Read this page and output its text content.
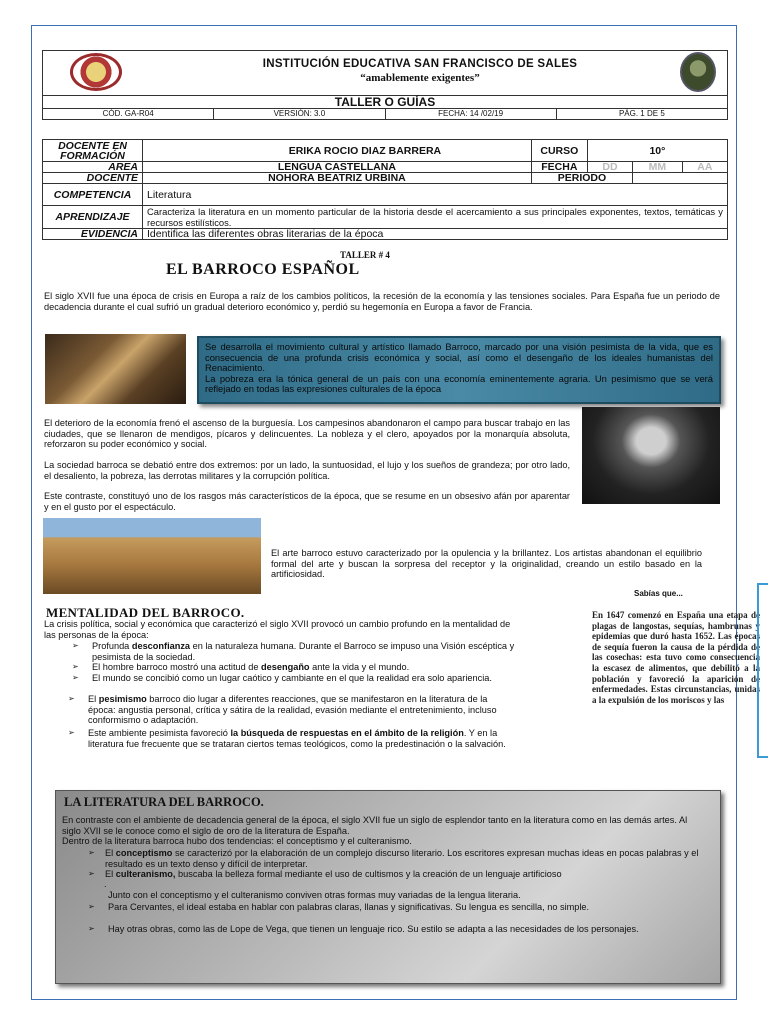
INSTITUCIÓN EDUCATIVA SAN FRANCISCO DE SALES
“amablemente exigentes”
TALLER O GUÍAS
CÓD. GA-R04	VERSIÓN: 3.0	FECHA: 14 /02/19	PÁG. 1 DE 5
DOCENTE EN FORMACIÓN	ERIKA ROCIO DIAZ BARRERA	CURSO	10°		
AREA	LENGUA CASTELLANA	FECHA	DD	MM	AA
DOCENTE	NOHORA BEATRIZ URBINA	PERIODO			
COMPETENCIA	Literatura				
APRENDIZAJE	Caracteriza la literatura en un momento particular de la historia desde el acercamiento a sus principales exponentes, textos, temáticas y recursos estilísticos.				
EVIDENCIA	Identifica las diferentes obras literarias de la época				
TALLER # 4
EL BARROCO ESPAÑOL
El siglo XVII fue una época de crisis en Europa a raíz de los cambios políticos, la recesión de la economía y las tensiones sociales. Para España fue un periodo de decadencia durante el cual sufrió un gradual deterioro económico y, perdió su hegemonía en Europa a favor de Francia.
Se desarrolla el movimiento cultural y artístico llamado Barroco, marcado por una visión pesimista de la vida, que es consecuencia de una profunda crisis económica y social, así como el desengaño de los ideales humanistas del Renacimiento.
La pobreza era la tónica general de un país con una economía eminentemente agraria. Un pesimismo que se verá reflejado en todas las expresiones culturales de la época
El deterioro de la economía frenó el ascenso de la burguesía. Los campesinos abandonaron el campo para buscar trabajo en las ciudades, que se llenaron de mendigos, pícaros y delincuentes. La nobleza y el clero, apoyados por la monarquía absoluta, reforzaron su poder económico y social.
La sociedad barroca se debatió entre dos extremos: por un lado, la suntuosidad, el lujo y los sueños de grandeza; por otro lado, el desaliento, la pobreza, las derrotas militares y la corrupción política.
Este contraste, constituyó uno de los rasgos más característicos de la época, que se resume en un obsesivo afán por aparentar y en el gusto por el espectáculo.
El arte barroco estuvo caracterizado por la opulencia y la brillantez. Los artistas abandonan el equilibrio formal del arte y buscan la sorpresa del receptor y la originalidad, creando un estilo basado en la artificiosidad.
Sabías que...
MENTALIDAD DEL BARROCO.	En 1647 comenzó en España una etapa de plagas de langostas, sequías, hambrunas y epidemias que duró hasta 1652. Las épocas de sequía fueron la causa de la pérdida de las cosechas: esta tuvo como consecuencia la escasez de alimentos, que debilitó a la población y favoreció la aparición de enfermedades. Estas circunstancias, unidas a la expulsión de los moriscos y las
La crisis política, social y económica que caracterizó el siglo XVII provocó un cambio profundo en la mentalidad de las personas de la época:
➢ Profunda desconfianza en la naturaleza humana. Durante el Barroco se impuso una Visión escéptica y pesimista de la sociedad.
➢ El hombre barroco mostró una actitud de desengaño ante la vida y el mundo.
➢ El mundo se concibió como un lugar caótico y cambiante en el que la realidad era solo apariencia.
➢ El pesimismo barroco dio lugar a diferentes reacciones, que se manifestaron en la literatura de la época: angustia personal, crítica y sátira de la realidad, evasión mediante el entretenimiento, incluso conformismo o adaptación.
➢ Este ambiente pesimista favoreció la búsqueda de respuestas en el ámbito de la religión. Y en la literatura fue frecuente que se trataran ciertos temas teológicos, como la predestinación o la salvación.
LA LITERATURA DEL BARROCO.
En contraste con el ambiente de decadencia general de la época, el siglo XVII fue un siglo de esplendor tanto en la literatura como en las demás artes. Al siglo XVII se le conoce como el siglo de oro de la literatura de España.
Dentro de la literatura barroca hubo dos tendencias: el conceptismo y el culteranismo.
➢ El conceptismo se caracterizó por la elaboración de un complejo discurso literario. Los escritores expresan muchas ideas en pocas palabras y el resultado es un texto denso y difícil de interpretar.
➢ El culteranismo, buscaba la belleza formal mediante el uso de cultismos y la creación de un lenguaje artificioso
.
Junto con el conceptismo y el culteranismo conviven otras formas muy variadas de la lengua literaria.
➢ Para Cervantes, el ideal estaba en hablar con palabras claras, llanas y significativas. Su lengua es sencilla, no simple.
➢ Hay otras obras, como las de Lope de Vega, que tienen un lenguaje rico. Su estilo se adapta a las necesidades de los personajes.
